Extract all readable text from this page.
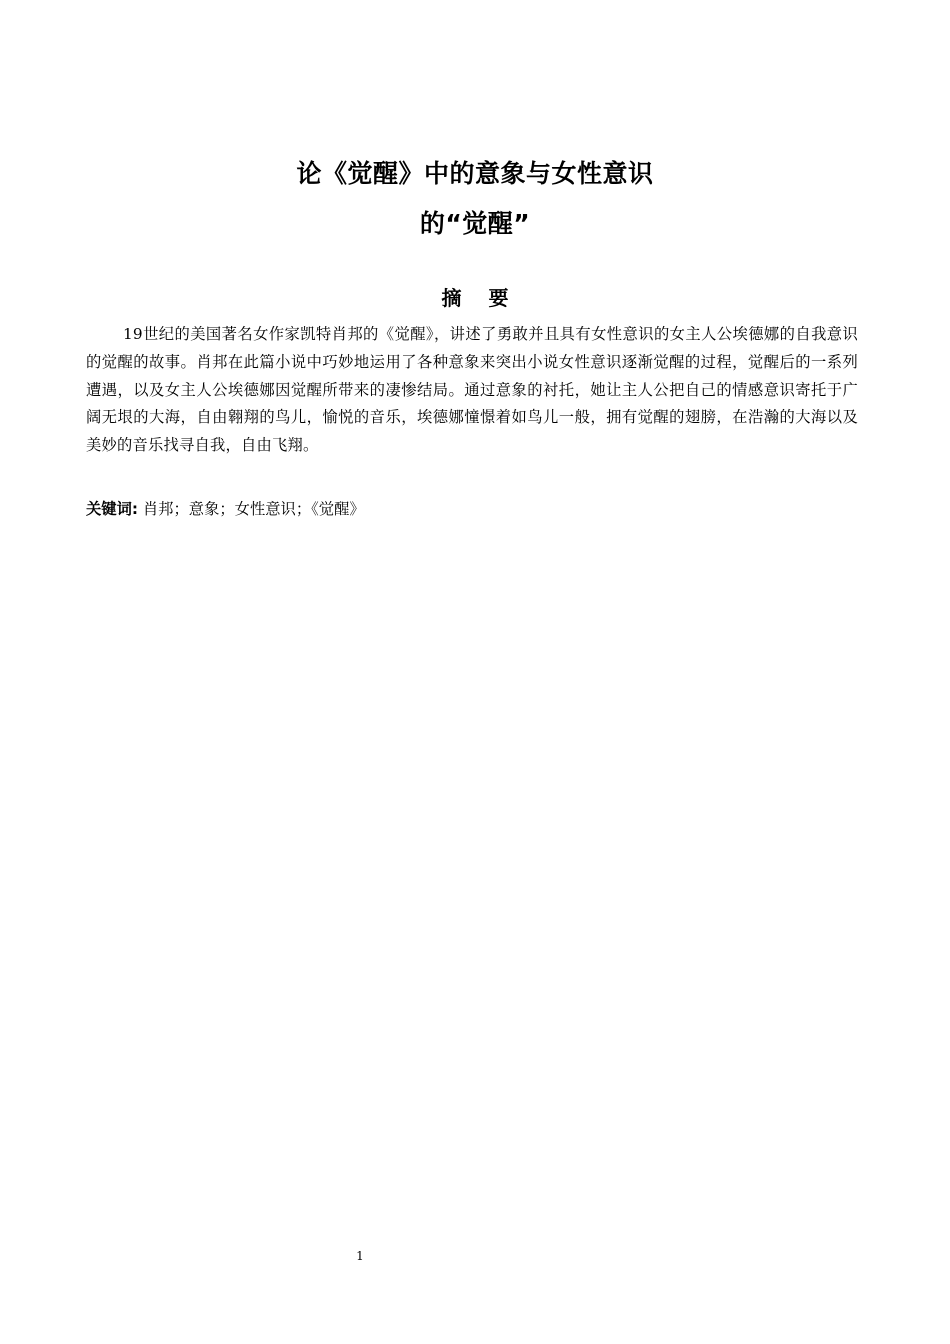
论《觉醒》中的意象与女性意识
的“觉醒”
摘 要

19世纪的美国著名女作家凯特肖邦的《觉醒》，讲述了勇敢并且具有女性意识的女主人公埃德娜的自我意识的觉醒的故事。肖邦在此篇小说中巧妙地运用了各种意象来突出小说女性意识逐渐觉醒的过程，觉醒后的一系列遭遇，以及女主人公埃德娜因觉醒所带来的凄惨结局。通过意象的衬托，她让主人公把自己的情感意识寄托于广阔无垠的大海，自由翱翔的鸟儿，愉悦的音乐，埃德娜憧憬着如鸟儿一般，拥有觉醒的翅膀，在浩瀚的大海以及美妙的音乐找寻自我，自由飞翔。

关键词: 肖邦；意象；女性意识；《觉醒》
1
